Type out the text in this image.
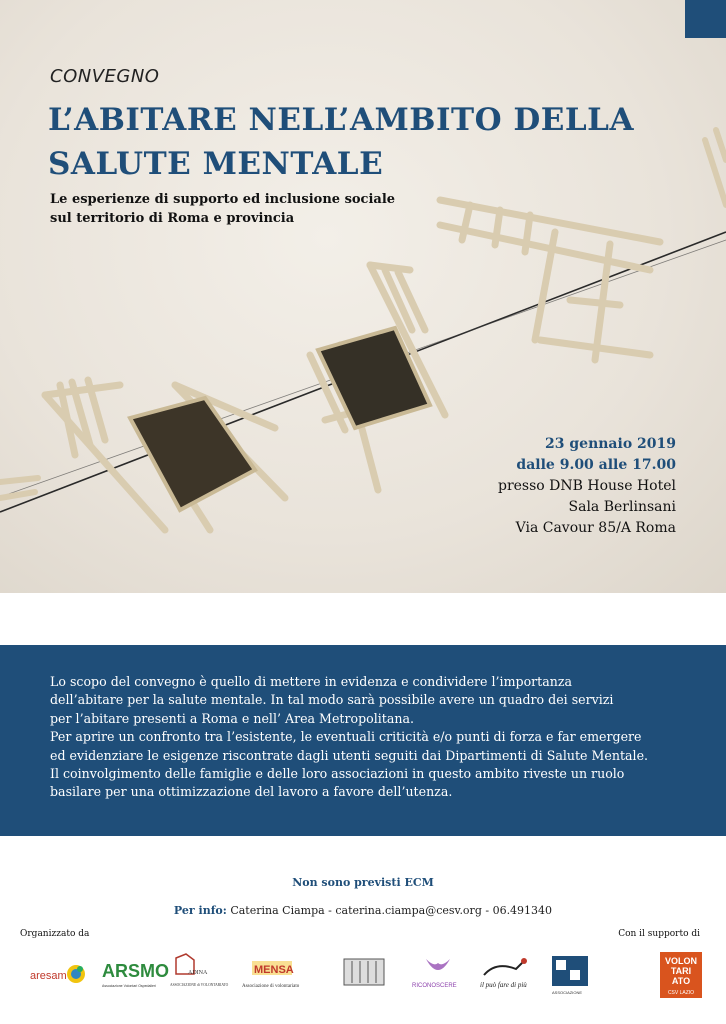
CONVEGNO
L’ABITARE NELL’AMBITO DELLA
SALUTE MENTALE
Le esperienze di supporto ed inclusione sociale
sul territorio di Roma e provincia
23 gennaio 2019
dalle 9.00 alle 17.00
presso DNB House Hotel
Sala Berlinsani
Via Cavour 85/A Roma

Lo scopo del convegno è quello di mettere in evidenza e condividere l’importanza
dell’abitare per la salute mentale. In tal modo sarà possibile avere un quadro dei servizi
per l’abitare presenti a Roma e nell’ Area Metropolitana.
Per aprire un confronto tra l’esistente, le eventuali criticità e/o punti di forza e far emergere
ed evidenziare le esigenze riscontrate dagli utenti seguiti dai Dipartimenti di Salute Mentale.
Il coinvolgimento delle famiglie e delle loro associazioni in questo ambito riveste un ruolo
basilare per una ottimizzazione del lavoro a favore dell’utenza.

Non sono previsti ECM
Per info: Caterina Ciampa - caterina.ciampa@cesv.org - 06.491340
Organizzato da	Con il supporto di
aresam ARSMO
Associazione Volontari Ospedalieri
ADINA
ASSOCIAZIONE di VOLONTARIATO
MENSA
Associazione di volontariato	RICONOSCERE	il può fare di più
ASSOCIAZIONE
VOLON
TARI
ATO
CSV LAZIO
